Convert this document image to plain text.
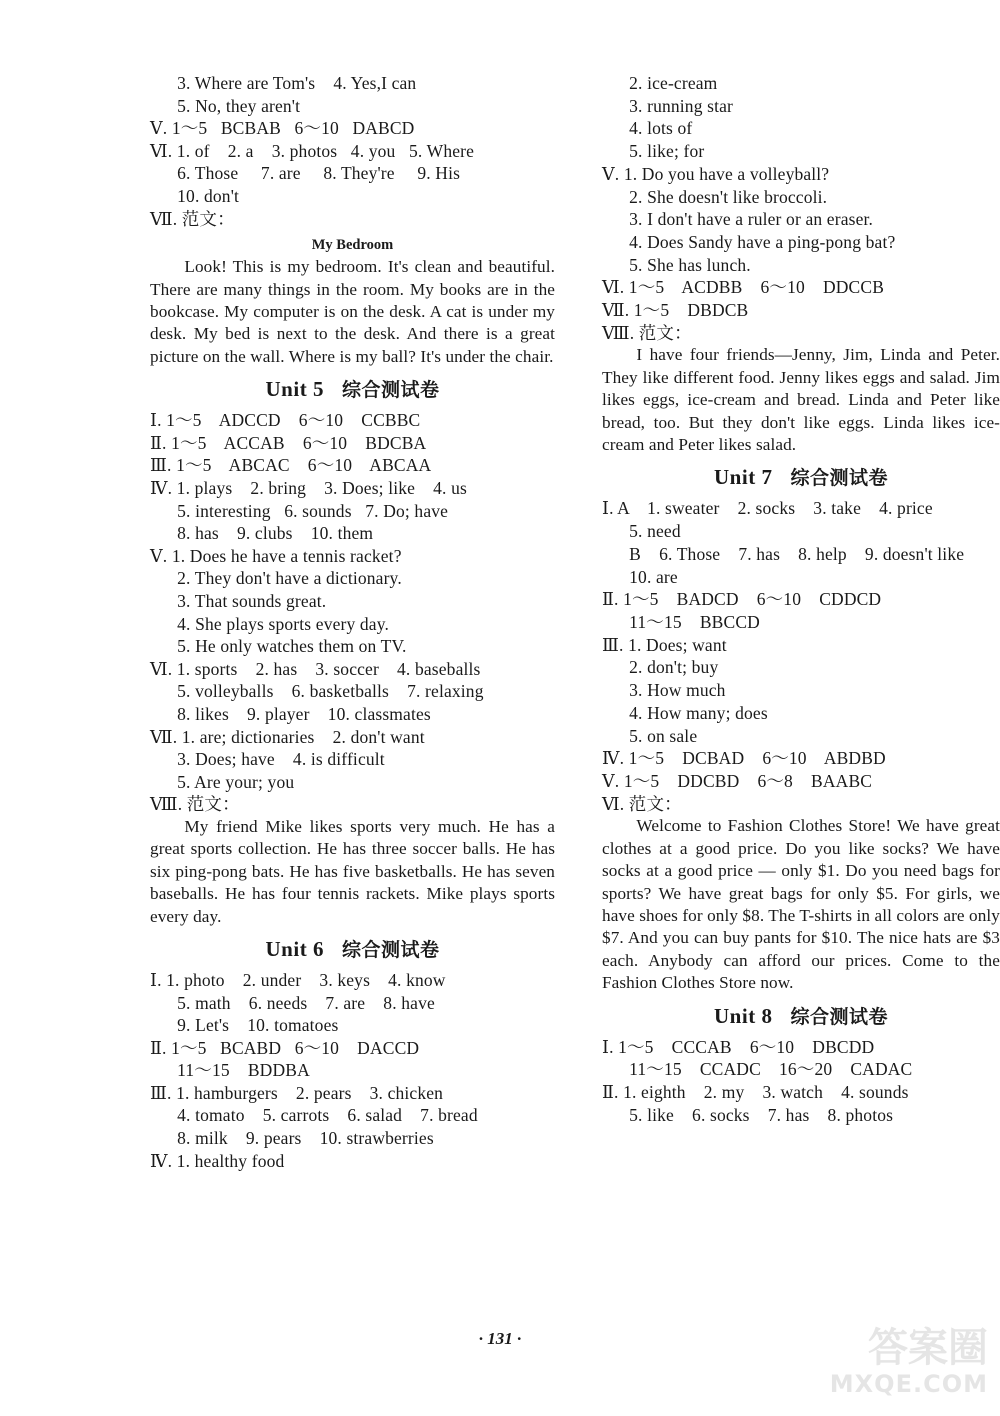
3. Where are Tom's    4. Yes,I can
5. No, they aren't
Ⅴ. 1～5   BCBAB   6～10   DABCD
Ⅵ. 1. of    2. a    3. photos   4. you   5. Where
6. Those     7. are     8. They're     9. His
10. don't
Ⅶ. 范文：
My Bedroom

Look! This is my bedroom. It's clean and beautiful. There are many things in the room. My books are in the bookcase. My computer is on the desk. A cat is under my desk. My bed is next to the desk. And there is a great picture on the wall. Where is my ball? It's under the chair.

Unit 5 综合测试卷
Ⅰ. 1～5    ADCCD    6～10    CCBBC
Ⅱ. 1～5    ACCAB    6～10    BDCBA
Ⅲ. 1～5    ABCAC    6～10    ABCAA
Ⅳ. 1. plays    2. bring    3. Does; like    4. us
5. interesting   6. sounds   7. Do; have
8. has    9. clubs    10. them
Ⅴ. 1. Does he have a tennis racket?
2. They don't have a dictionary.
3. That sounds great.
4. She plays sports every day.
5. He only watches them on TV.
Ⅵ. 1. sports    2. has    3. soccer    4. baseballs
5. volleyballs    6. basketballs    7. relaxing
8. likes    9. player    10. classmates
Ⅶ. 1. are; dictionaries    2. don't want
3. Does; have    4. is difficult
5. Are your; you
Ⅷ. 范文：

My friend Mike likes sports very much. He has a great sports collection. He has three soccer balls. He has six ping-pong bats. He has five basketballs. He has seven baseballs. He has four tennis rackets. Mike plays sports every day.

Unit 6 综合测试卷
Ⅰ. 1. photo    2. under    3. keys    4. know
5. math    6. needs    7. are    8. have
9. Let's    10. tomatoes
Ⅱ. 1～5   BCABD   6～10    DACCD
11～15    BDDBA
Ⅲ. 1. hamburgers    2. pears    3. chicken
4. tomato    5. carrots    6. salad    7. bread
8. milk    9. pears    10. strawberries
Ⅳ. 1. healthy food
2. ice-cream
3. running star
4. lots of
5. like; for
Ⅴ. 1. Do you have a volleyball?
2. She doesn't like broccoli.
3. I don't have a ruler or an eraser.
4. Does Sandy have a ping-pong bat?
5. She has lunch.
Ⅵ. 1～5    ACDBB    6～10    DDCCB
Ⅶ. 1～5    DBDCB
Ⅷ. 范文：

I have four friends—Jenny, Jim, Linda and Peter. They like different food. Jenny likes eggs and salad. Jim likes eggs, ice-cream and bread. Linda and Peter like bread, too. But they don't like eggs. Linda likes ice-cream and Peter likes salad.

Unit 7 综合测试卷
Ⅰ. A    1. sweater    2. socks    3. take    4. price
5. need
B    6. Those    7. has    8. help    9. doesn't like
10. are
Ⅱ. 1～5    BADCD    6～10    CDDCD
11～15    BBCCD
Ⅲ. 1. Does; want
2. don't; buy
3. How much
4. How many; does
5. on sale
Ⅳ. 1～5    DCBAD    6～10    ABDBD
Ⅴ. 1～5    DDCBD    6～8    BAABC
Ⅵ. 范文：

Welcome to Fashion Clothes Store! We have great clothes at a good price. Do you like socks? We have socks at a good price — only $1. Do you need bags for sports? We have great bags for only $5. For girls, we have shoes for only $8. The T-shirts in all colors are only $7. And you can buy pants for $10. The nice hats are $3 each. Anybody can afford our prices. Come to the Fashion Clothes Store now.

Unit 8 综合测试卷
Ⅰ. 1～5    CCCAB    6～10    DBCDD
11～15    CCADC    16～20    CADAC
Ⅱ. 1. eighth    2. my    3. watch    4. sounds
5. like    6. socks    7. has    8. photos
· 131 ·	答案圈
MXQE.COM
